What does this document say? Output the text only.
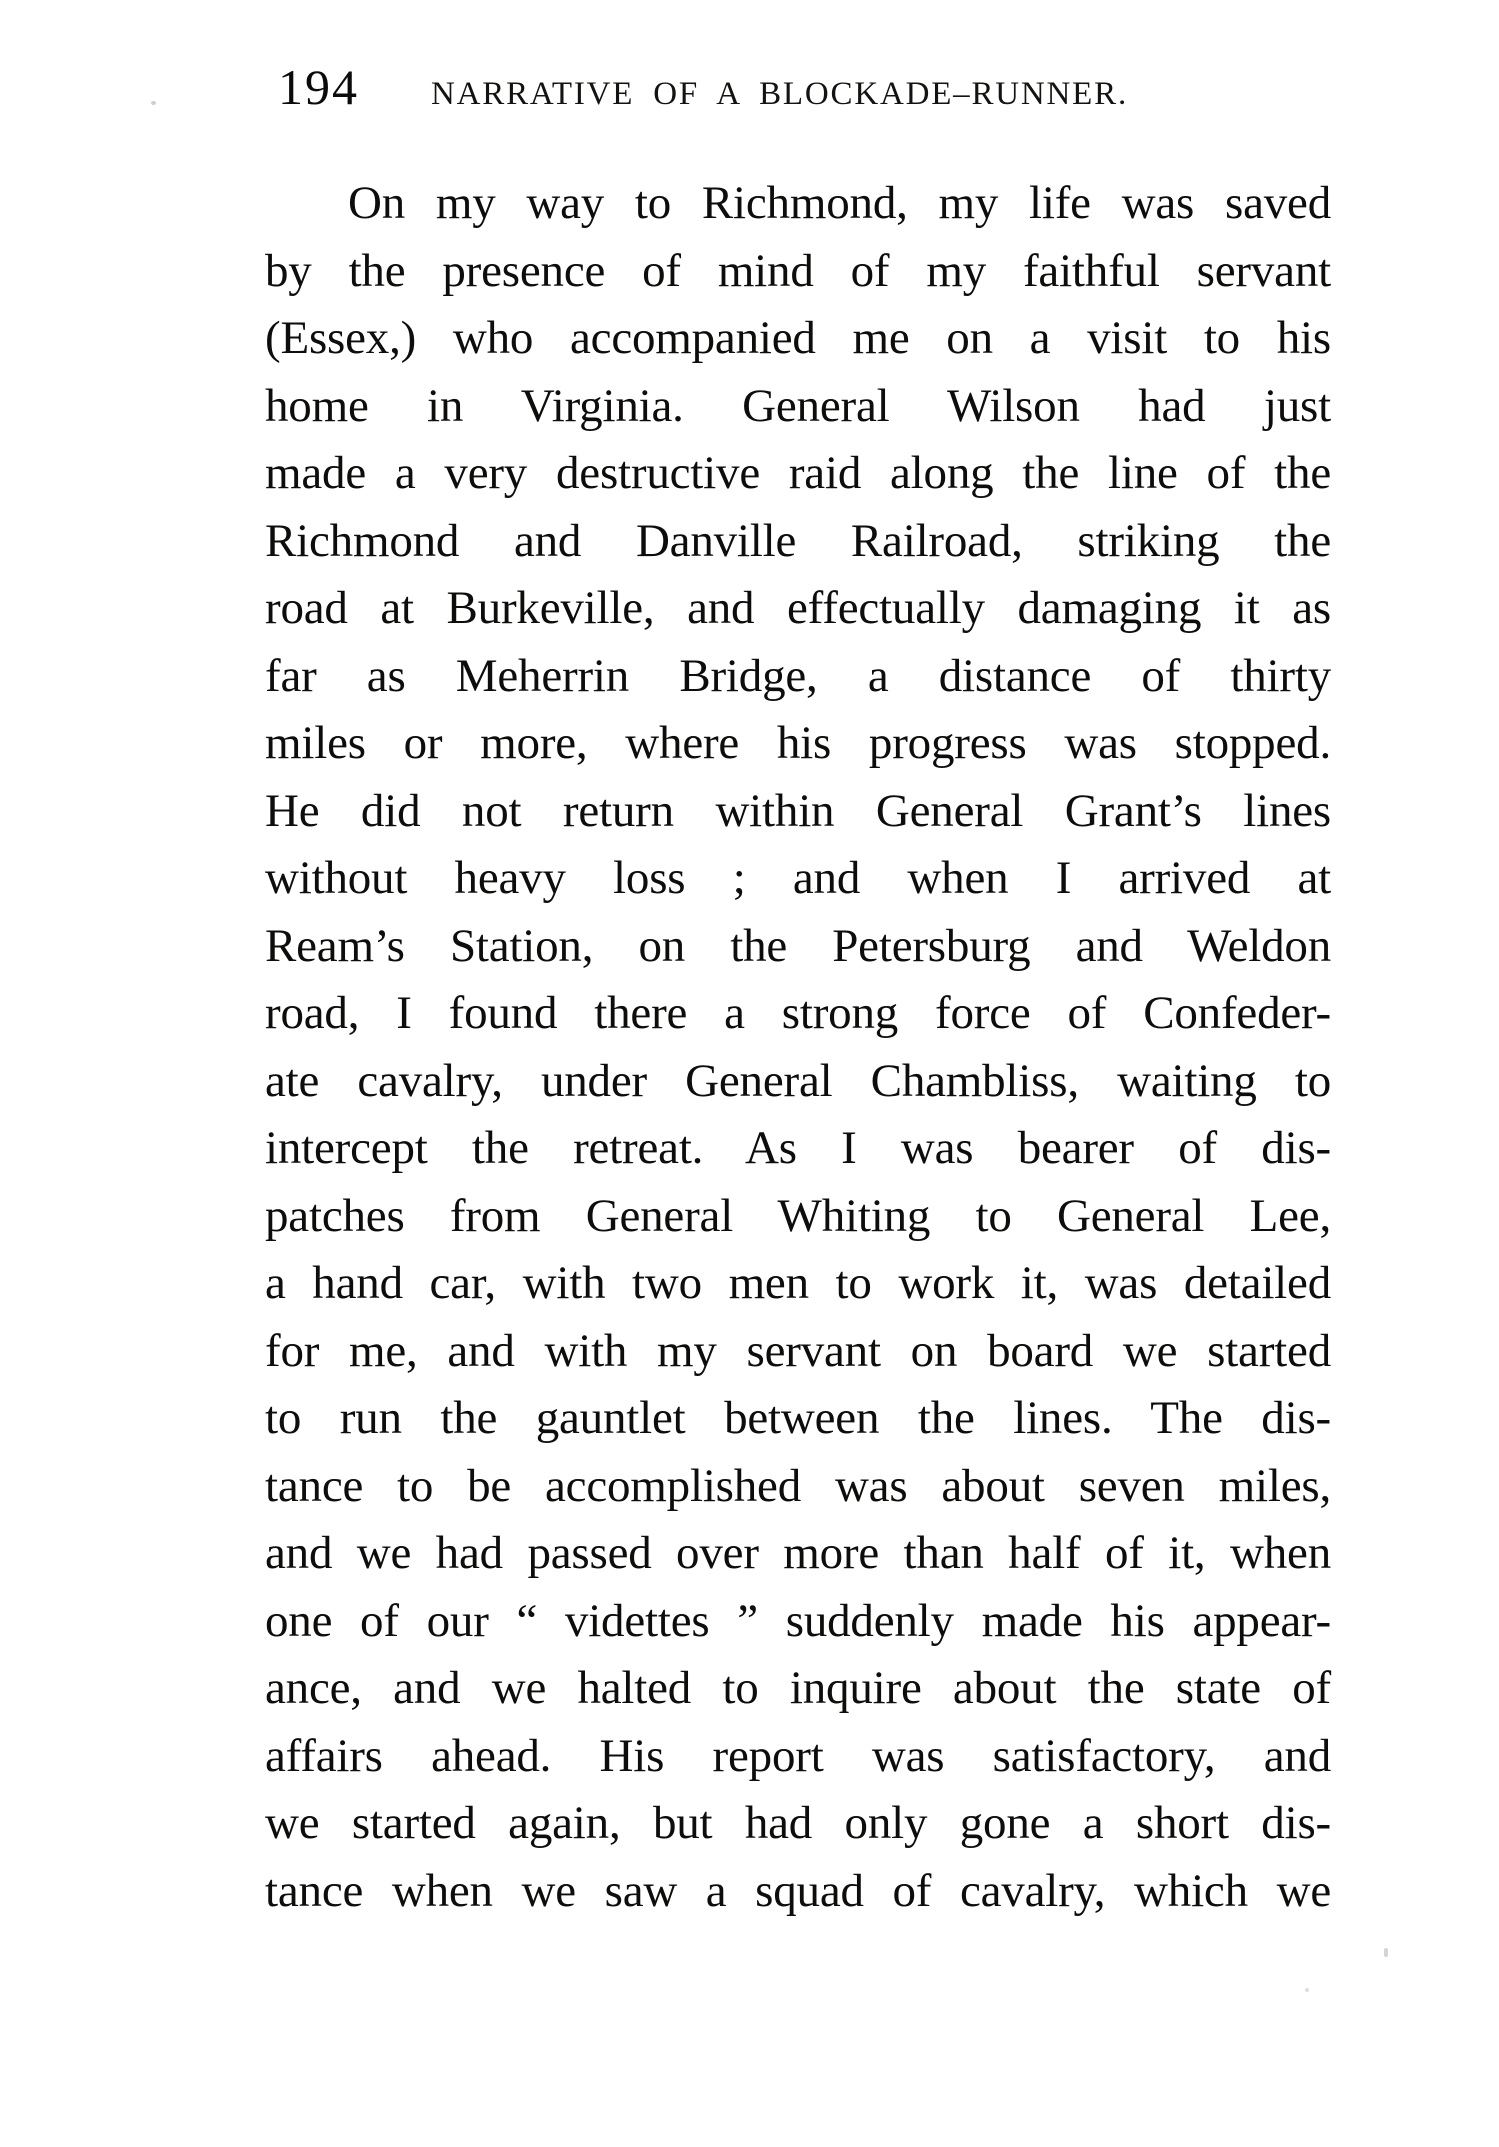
194 NARRATIVE OF A BLOCKADE–RUNNER.
On my way to Richmond, my life was saved
by the presence of mind of my faithful servant
(Essex,) who accompanied me on a visit to his
home in Virginia. General Wilson had just
made a very destructive raid along the line of the
Richmond and Danville Railroad, striking the
road at Burkeville, and effectually damaging it as
far as Meherrin Bridge, a distance of thirty
miles or more, where his progress was stopped.
He did not return within General Grant’s lines
without heavy loss ; and when I arrived at
Ream’s Station, on the Petersburg and Weldon
road, I found there a strong force of Confeder-
ate cavalry, under General Chambliss, waiting to
intercept the retreat. As I was bearer of dis-
patches from General Whiting to General Lee,
a hand car, with two men to work it, was detailed
for me, and with my servant on board we started
to run the gauntlet between the lines. The dis-
tance to be accomplished was about seven miles,
and we had passed over more than half of it, when
one of our “ videttes ” suddenly made his appear-
ance, and we halted to inquire about the state of
affairs ahead. His report was satisfactory, and
we started again, but had only gone a short dis-
tance when we saw a squad of cavalry, which we
